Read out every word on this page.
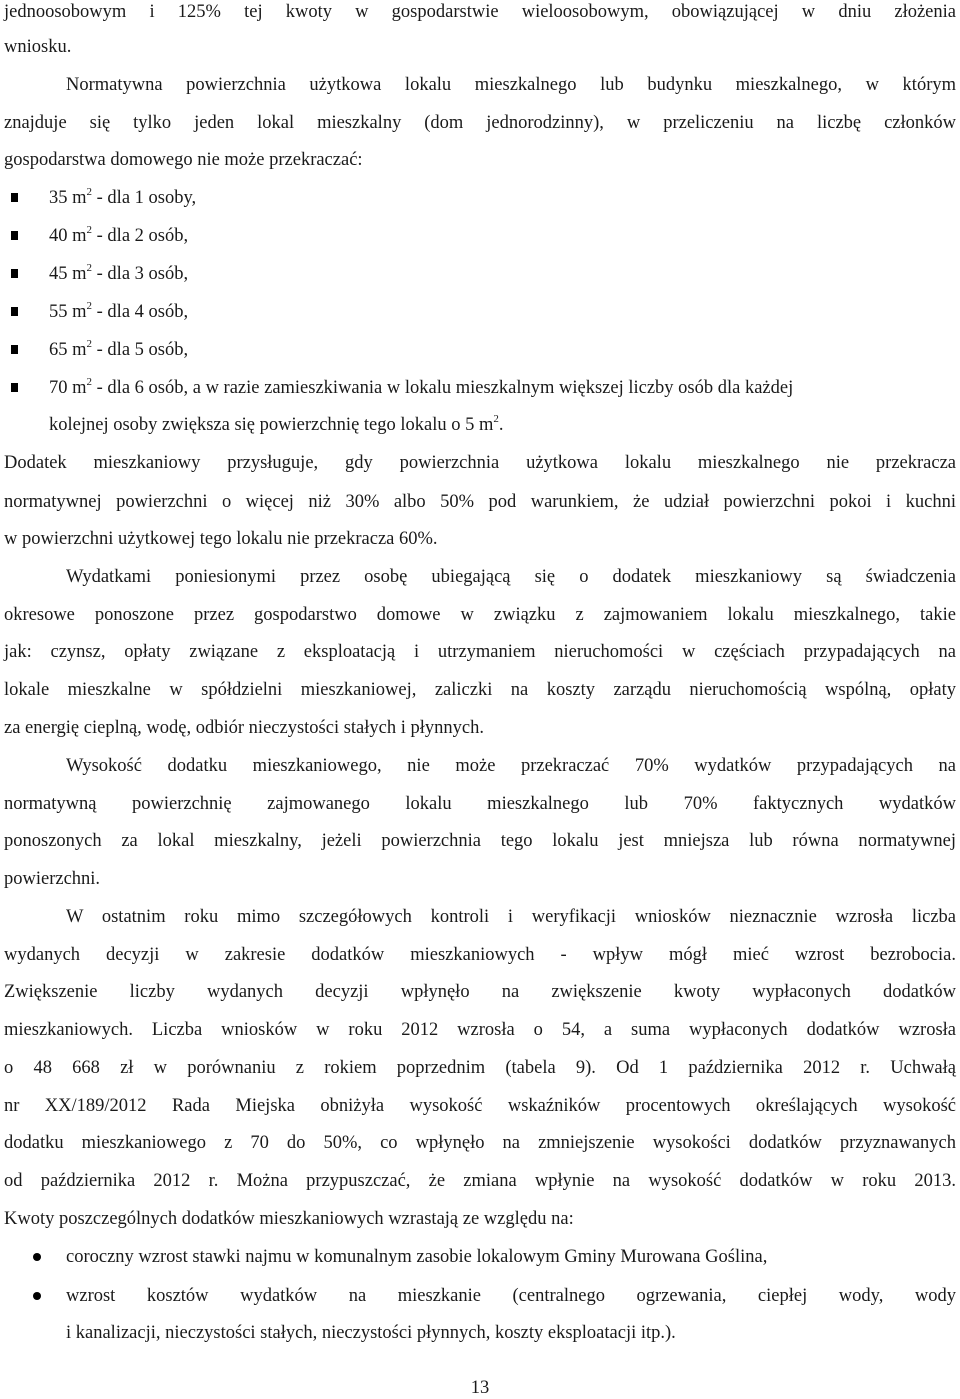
jednoosobowym i 125% tej kwoty w gospodarstwie wieloosobowym, obowiązującej w dniu złożenia
wniosku.
Normatywna powierzchnia użytkowa lokalu mieszkalnego lub budynku mieszkalnego, w którym
znajduje się tylko jeden lokal mieszkalny (dom jednorodzinny), w przeliczeniu na liczbę członków
gospodarstwa domowego nie może przekraczać:
35 $m^2$ - dla 1 osoby,
40 $m^2$ - dla 2 osób,
45 $m^2$ - dla 3 osób,
55 $m^2$ - dla 4 osób,
65 $m^2$ - dla 5 osób,
70 $m^2$ - dla 6 osób, a w razie zamieszkiwania w lokalu mieszkalnym większej liczby osób dla każdej
kolejnej osoby zwiększa się powierzchnię tego lokalu o 5 $m^2$.
Dodatek mieszkaniowy przysługuje, gdy powierzchnia użytkowa lokalu mieszkalnego nie przekracza
normatywnej powierzchni o więcej niż 30% albo 50% pod warunkiem, że udział powierzchni pokoi i kuchni
w powierzchni użytkowej tego lokalu nie przekracza 60%.
Wydatkami poniesionymi przez osobę ubiegającą się o dodatek mieszkaniowy są świadczenia
okresowe ponoszone przez gospodarstwo domowe w związku z zajmowaniem lokalu mieszkalnego, takie
jak: czynsz, opłaty związane z eksploatacją i utrzymaniem nieruchomości w częściach przypadających na
lokale mieszkalne w spółdzielni mieszkaniowej, zaliczki na koszty zarządu nieruchomością wspólną, opłaty
za energię cieplną, wodę, odbiór nieczystości stałych i płynnych.
Wysokość dodatku mieszkaniowego, nie może przekraczać 70% wydatków przypadających na
normatywną powierzchnię zajmowanego lokalu mieszkalnego lub 70% faktycznych wydatków
ponoszonych za lokal mieszkalny, jeżeli powierzchnia tego lokalu jest mniejsza lub równa normatywnej
powierzchni.
W ostatnim roku mimo szczegółowych kontroli i weryfikacji wniosków nieznacznie wzrosła liczba
wydanych decyzji w zakresie dodatków mieszkaniowych - wpływ mógł mieć wzrost bezrobocia.
Zwiększenie liczby wydanych decyzji wpłynęło na zwiększenie kwoty wypłaconych dodatków
mieszkaniowych. Liczba wniosków w roku 2012 wzrosła o 54, a suma wypłaconych dodatków wzrosła
o 48 668 zł w porównaniu z rokiem poprzednim (tabela 9). Od 1 października 2012 r. Uchwałą
nr XX/189/2012 Rada Miejska obniżyła wysokość wskaźników procentowych określających wysokość
dodatku mieszkaniowego z 70 do 50%, co wpłynęło na zmniejszenie wysokości dodatków przyznawanych
od października 2012 r. Można przypuszczać, że zmiana wpłynie na wysokość dodatków w roku 2013.
Kwoty poszczególnych dodatków mieszkaniowych wzrastają ze względu na:
coroczny wzrost stawki najmu w komunalnym zasobie lokalowym Gminy Murowana Goślina,
wzrost kosztów wydatków na mieszkanie (centralnego ogrzewania, ciepłej wody, wody
i kanalizacji, nieczystości stałych, nieczystości płynnych, koszty eksploatacji itp.).
13
